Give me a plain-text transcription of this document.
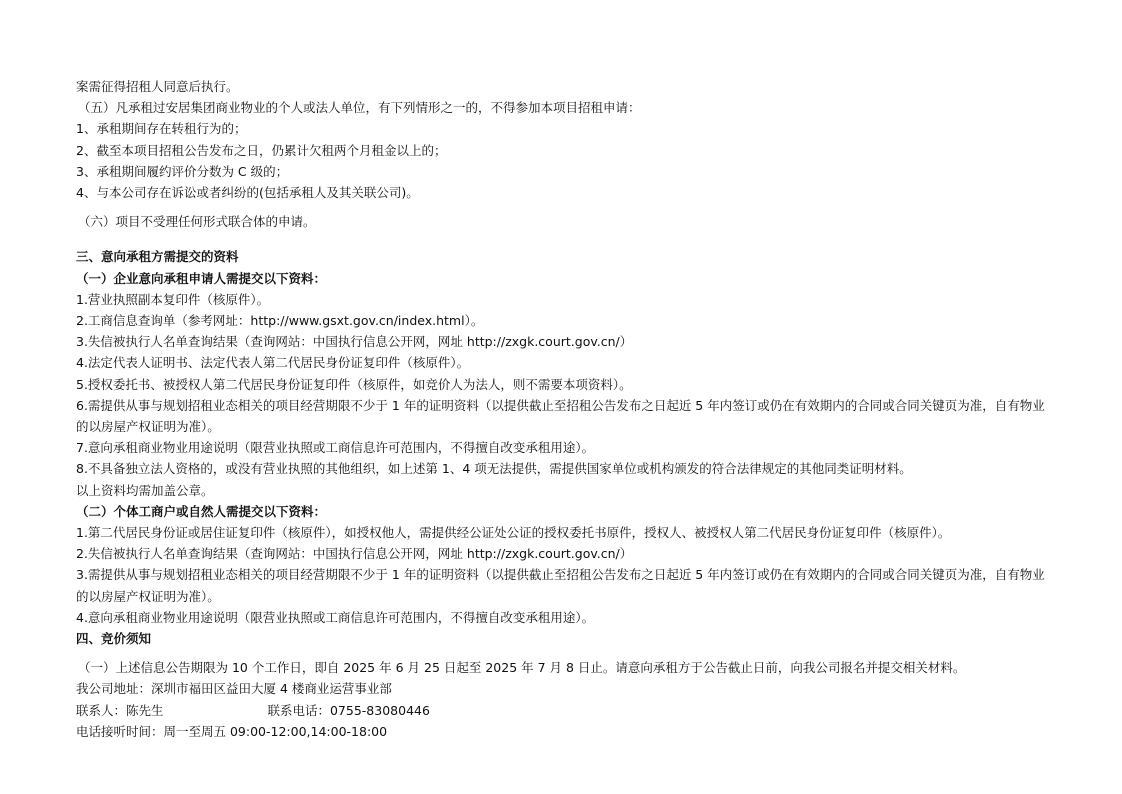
案需征得招租人同意后执行。
（五）凡承租过安居集团商业物业的个人或法人单位，有下列情形之一的，不得参加本项目招租申请：
1、承租期间存在转租行为的；
2、截至本项目招租公告发布之日，仍累计欠租两个月租金以上的；
3、承租期间履约评价分数为 C 级的；
4、与本公司存在诉讼或者纠纷的(包括承租人及其关联公司)。
（六）项目不受理任何形式联合体的申请。
三、意向承租方需提交的资料
（一）企业意向承租申请人需提交以下资料：
1.营业执照副本复印件（核原件）。
2.工商信息查询单（参考网址：http://www.gsxt.gov.cn/index.html）。
3.失信被执行人名单查询结果（查询网站：中国执行信息公开网，网址 http://zxgk.court.gov.cn/）
4.法定代表人证明书、法定代表人第二代居民身份证复印件（核原件）。
5.授权委托书、被授权人第二代居民身份证复印件（核原件，如竞价人为法人，则不需要本项资料）。
6.需提供从事与规划招租业态相关的项目经营期限不少于 1 年的证明资料（以提供截止至招租公告发布之日起近 5 年内签订或仍在有效期内的合同或合同关键页为准，自有物业的以房屋产权证明为准）。
7.意向承租商业物业用途说明（限营业执照或工商信息许可范围内，不得擅自改变承租用途）。
8.不具备独立法人资格的，或没有营业执照的其他组织，如上述第 1、4 项无法提供，需提供国家单位或机构颁发的符合法律规定的其他同类证明材料。
以上资料均需加盖公章。
（二）个体工商户或自然人需提交以下资料：
1.第二代居民身份证或居住证复印件（核原件），如授权他人，需提供经公证处公证的授权委托书原件，授权人、被授权人第二代居民身份证复印件（核原件）。
2.失信被执行人名单查询结果（查询网站：中国执行信息公开网，网址 http://zxgk.court.gov.cn/）
3.需提供从事与规划招租业态相关的项目经营期限不少于 1 年的证明资料（以提供截止至招租公告发布之日起近 5 年内签订或仍在有效期内的合同或合同关键页为准，自有物业的以房屋产权证明为准）。
4.意向承租商业物业用途说明（限营业执照或工商信息许可范围内，不得擅自改变承租用途）。
四、竞价须知
（一）上述信息公告期限为 10 个工作日，即自 2025 年 6 月 25 日起至 2025 年 7 月 8 日止。请意向承租方于公告截止日前，向我公司报名并提交相关材料。
我公司地址：深圳市福田区益田大厦 4 楼商业运营事业部
联系人：陈先生	联系电话：0755-83080446
电话接听时间：周一至周五 09:00-12:00,14:00-18:00
